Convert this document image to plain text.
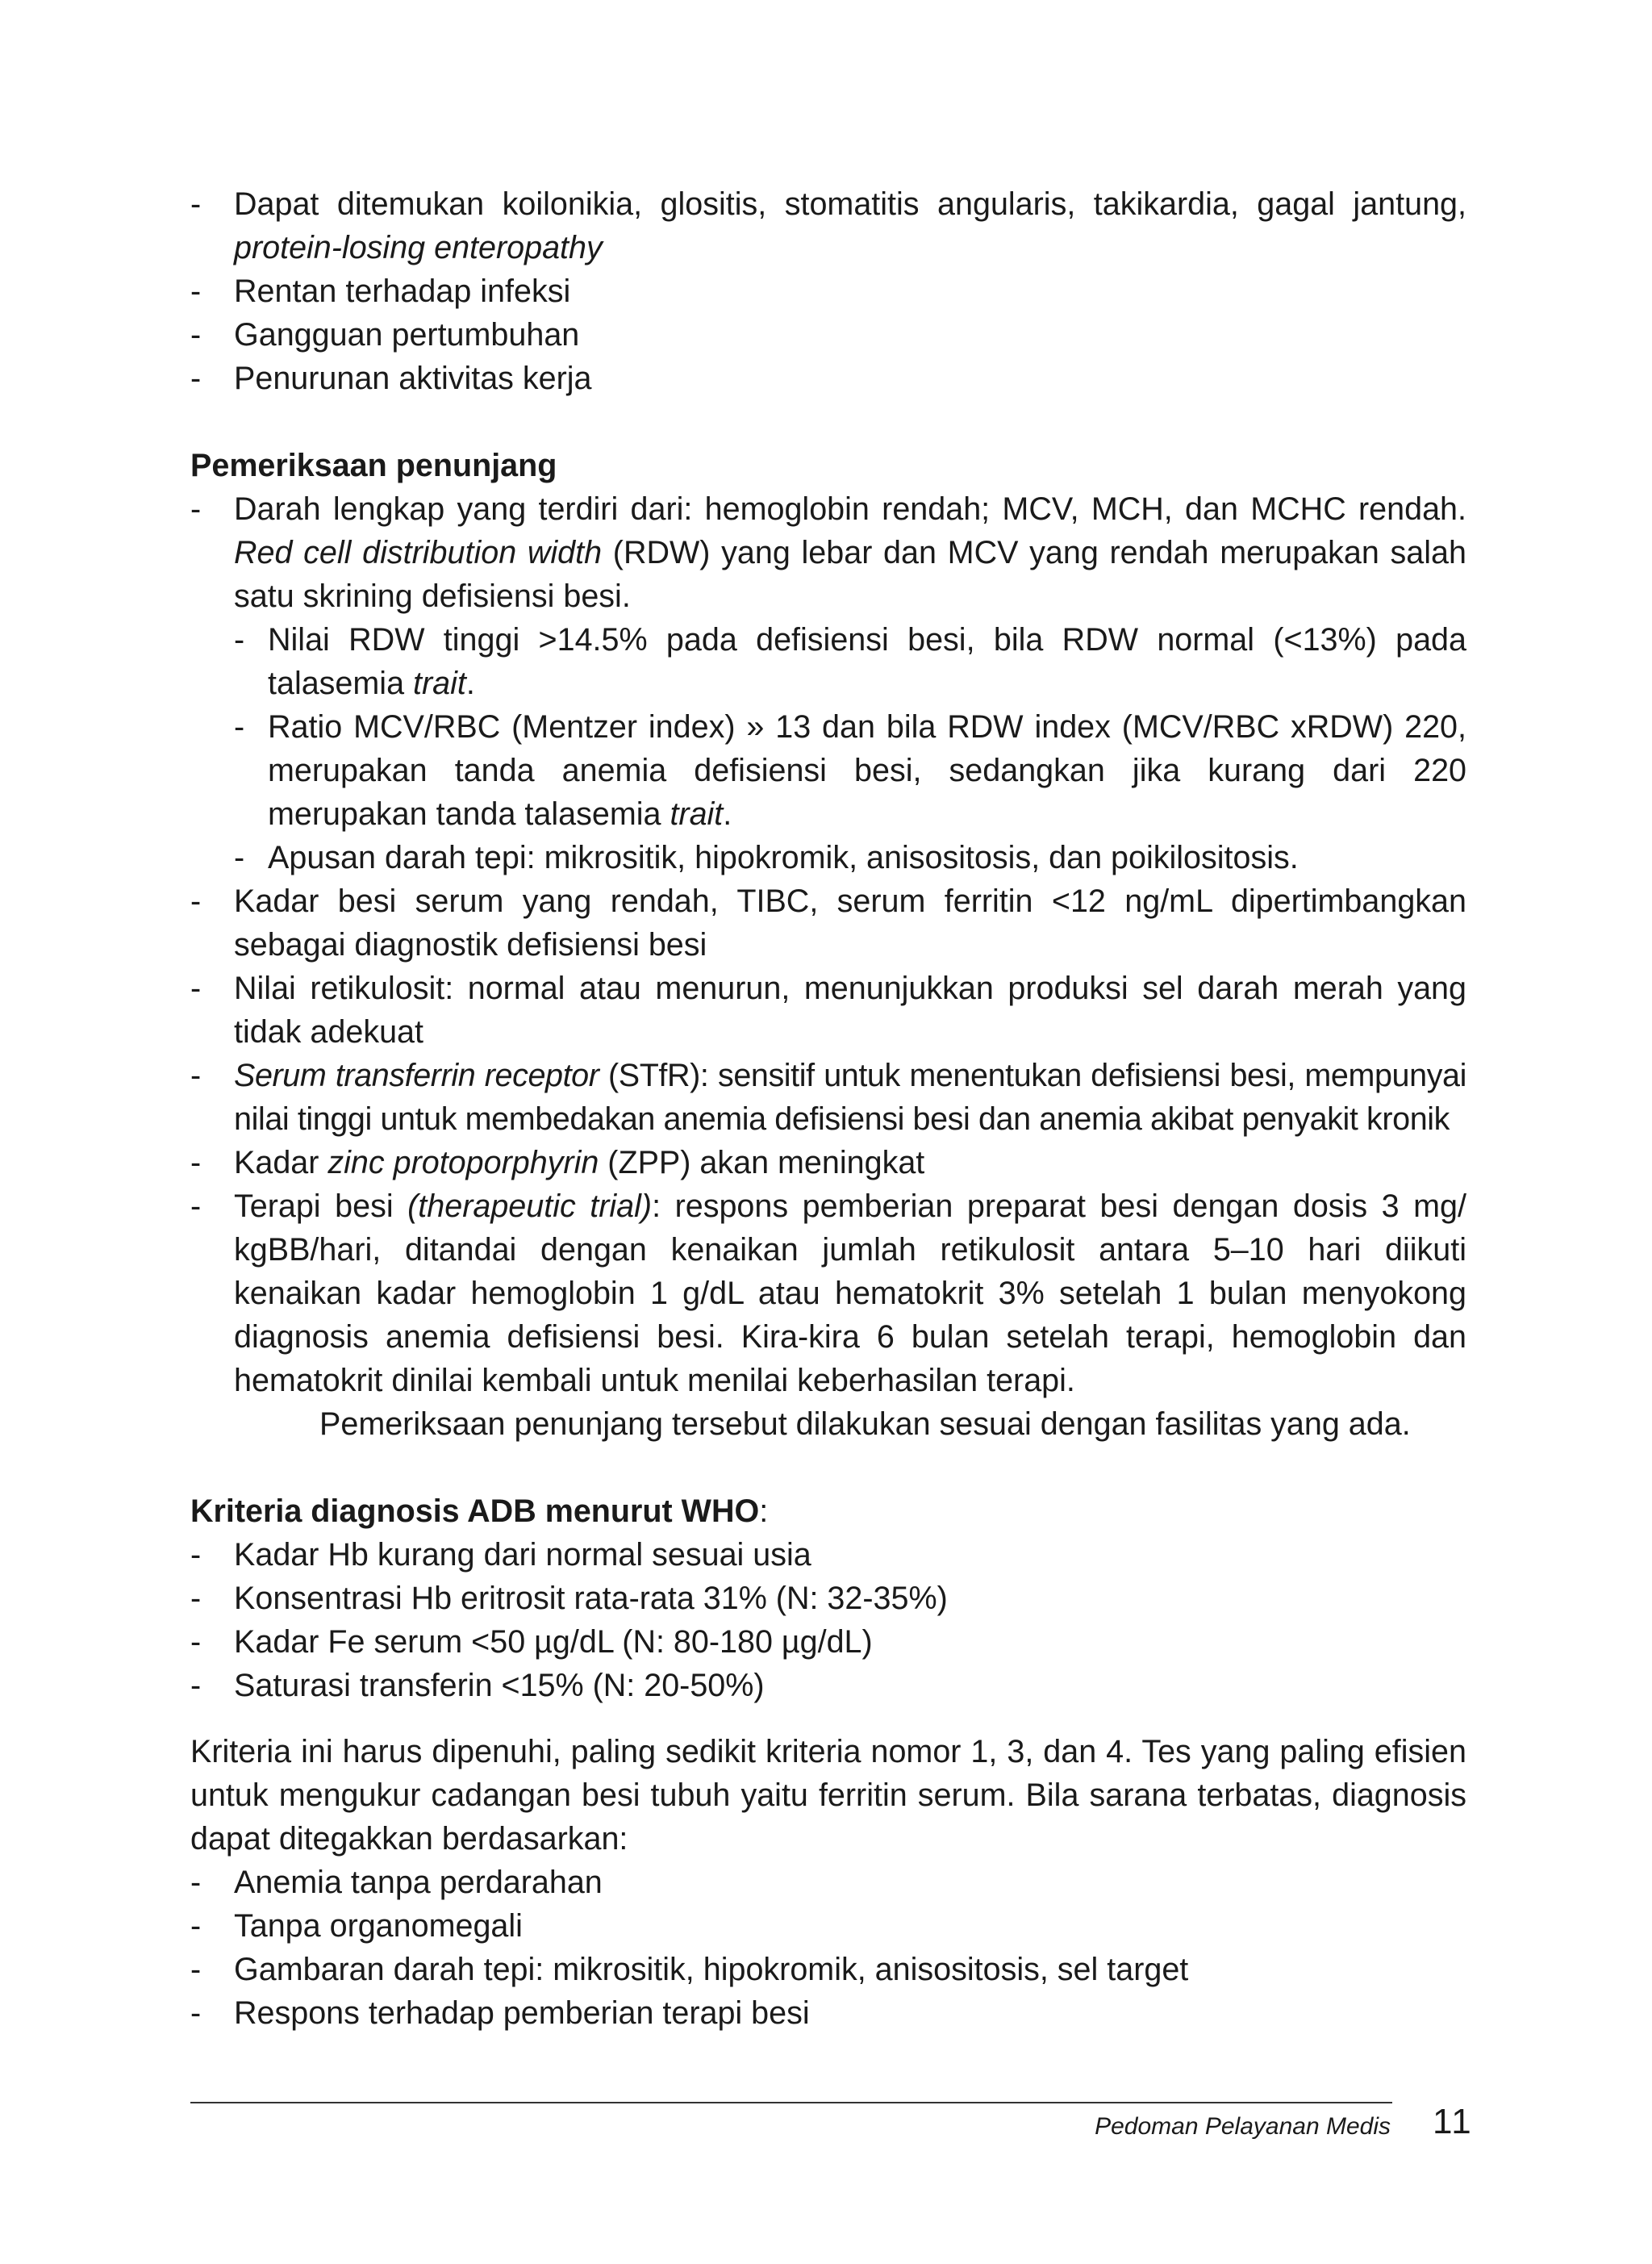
- Dapat ditemukan koilonikia, glositis, stomatitis angularis, takikardia, gagal jantung, protein-losing enteropathy
- Rentan terhadap infeksi
- Gangguan pertumbuhan
- Penurunan aktivitas kerja

Pemeriksaan penunjang

- Darah lengkap yang terdiri dari: hemoglobin rendah; MCV, MCH, dan MCHC rendah. Red cell distribution width (RDW) yang lebar dan MCV yang rendah merupakan salah satu skrining defisiensi besi.
- Nilai RDW tinggi >14.5% pada defisiensi besi, bila RDW normal (<13%) pada talasemia trait.
- Ratio MCV/RBC (Mentzer index) » 13 dan bila RDW index (MCV/RBC xRDW) 220, merupakan tanda anemia defisiensi besi, sedangkan jika kurang dari 220 merupakan tanda talasemia trait.
- Apusan darah tepi: mikrositik, hipokromik, anisositosis, dan poikilositosis.
- Kadar besi serum yang rendah, TIBC, serum ferritin <12 ng/mL dipertimbangkan sebagai diagnostik defisiensi besi
- Nilai retikulosit: normal atau menurun, menunjukkan produksi sel darah merah yang tidak adekuat
- Serum transferrin receptor (STfR): sensitif untuk menentukan defisiensi besi, mempunyai nilai tinggi untuk membedakan anemia defisiensi besi dan anemia akibat penyakit kronik
- Kadar zinc protoporphyrin (ZPP) akan meningkat
- Terapi besi (therapeutic trial): respons pemberian preparat besi dengan dosis 3 mg/ kgBB/hari, ditandai dengan kenaikan jumlah retikulosit antara 5–10 hari diikuti kenaikan kadar hemoglobin 1 g/dL atau hematokrit 3% setelah 1 bulan menyokong diagnosis anemia defisiensi besi. Kira-kira 6 bulan setelah terapi, hemoglobin dan hematokrit dinilai kembali untuk menilai keberhasilan terapi.
Pemeriksaan penunjang tersebut dilakukan sesuai dengan fasilitas yang ada.

Kriteria diagnosis ADB menurut WHO:

- Kadar Hb kurang dari normal sesuai usia
- Konsentrasi Hb eritrosit rata-rata 31% (N: 32-35%)
- Kadar Fe serum <50 µg/dL (N: 80-180 µg/dL)
- Saturasi transferin <15% (N: 20-50%)
Kriteria ini harus dipenuhi, paling sedikit kriteria nomor 1, 3, dan 4. Tes yang paling efisien untuk mengukur cadangan besi tubuh yaitu ferritin serum. Bila sarana terbatas, diagnosis dapat ditegakkan berdasarkan:
- Anemia tanpa perdarahan
- Tanpa organomegali
- Gambaran darah tepi: mikrositik, hipokromik, anisositosis, sel target
- Respons terhadap pemberian terapi besi
Pedoman Pelayanan Medis 11
